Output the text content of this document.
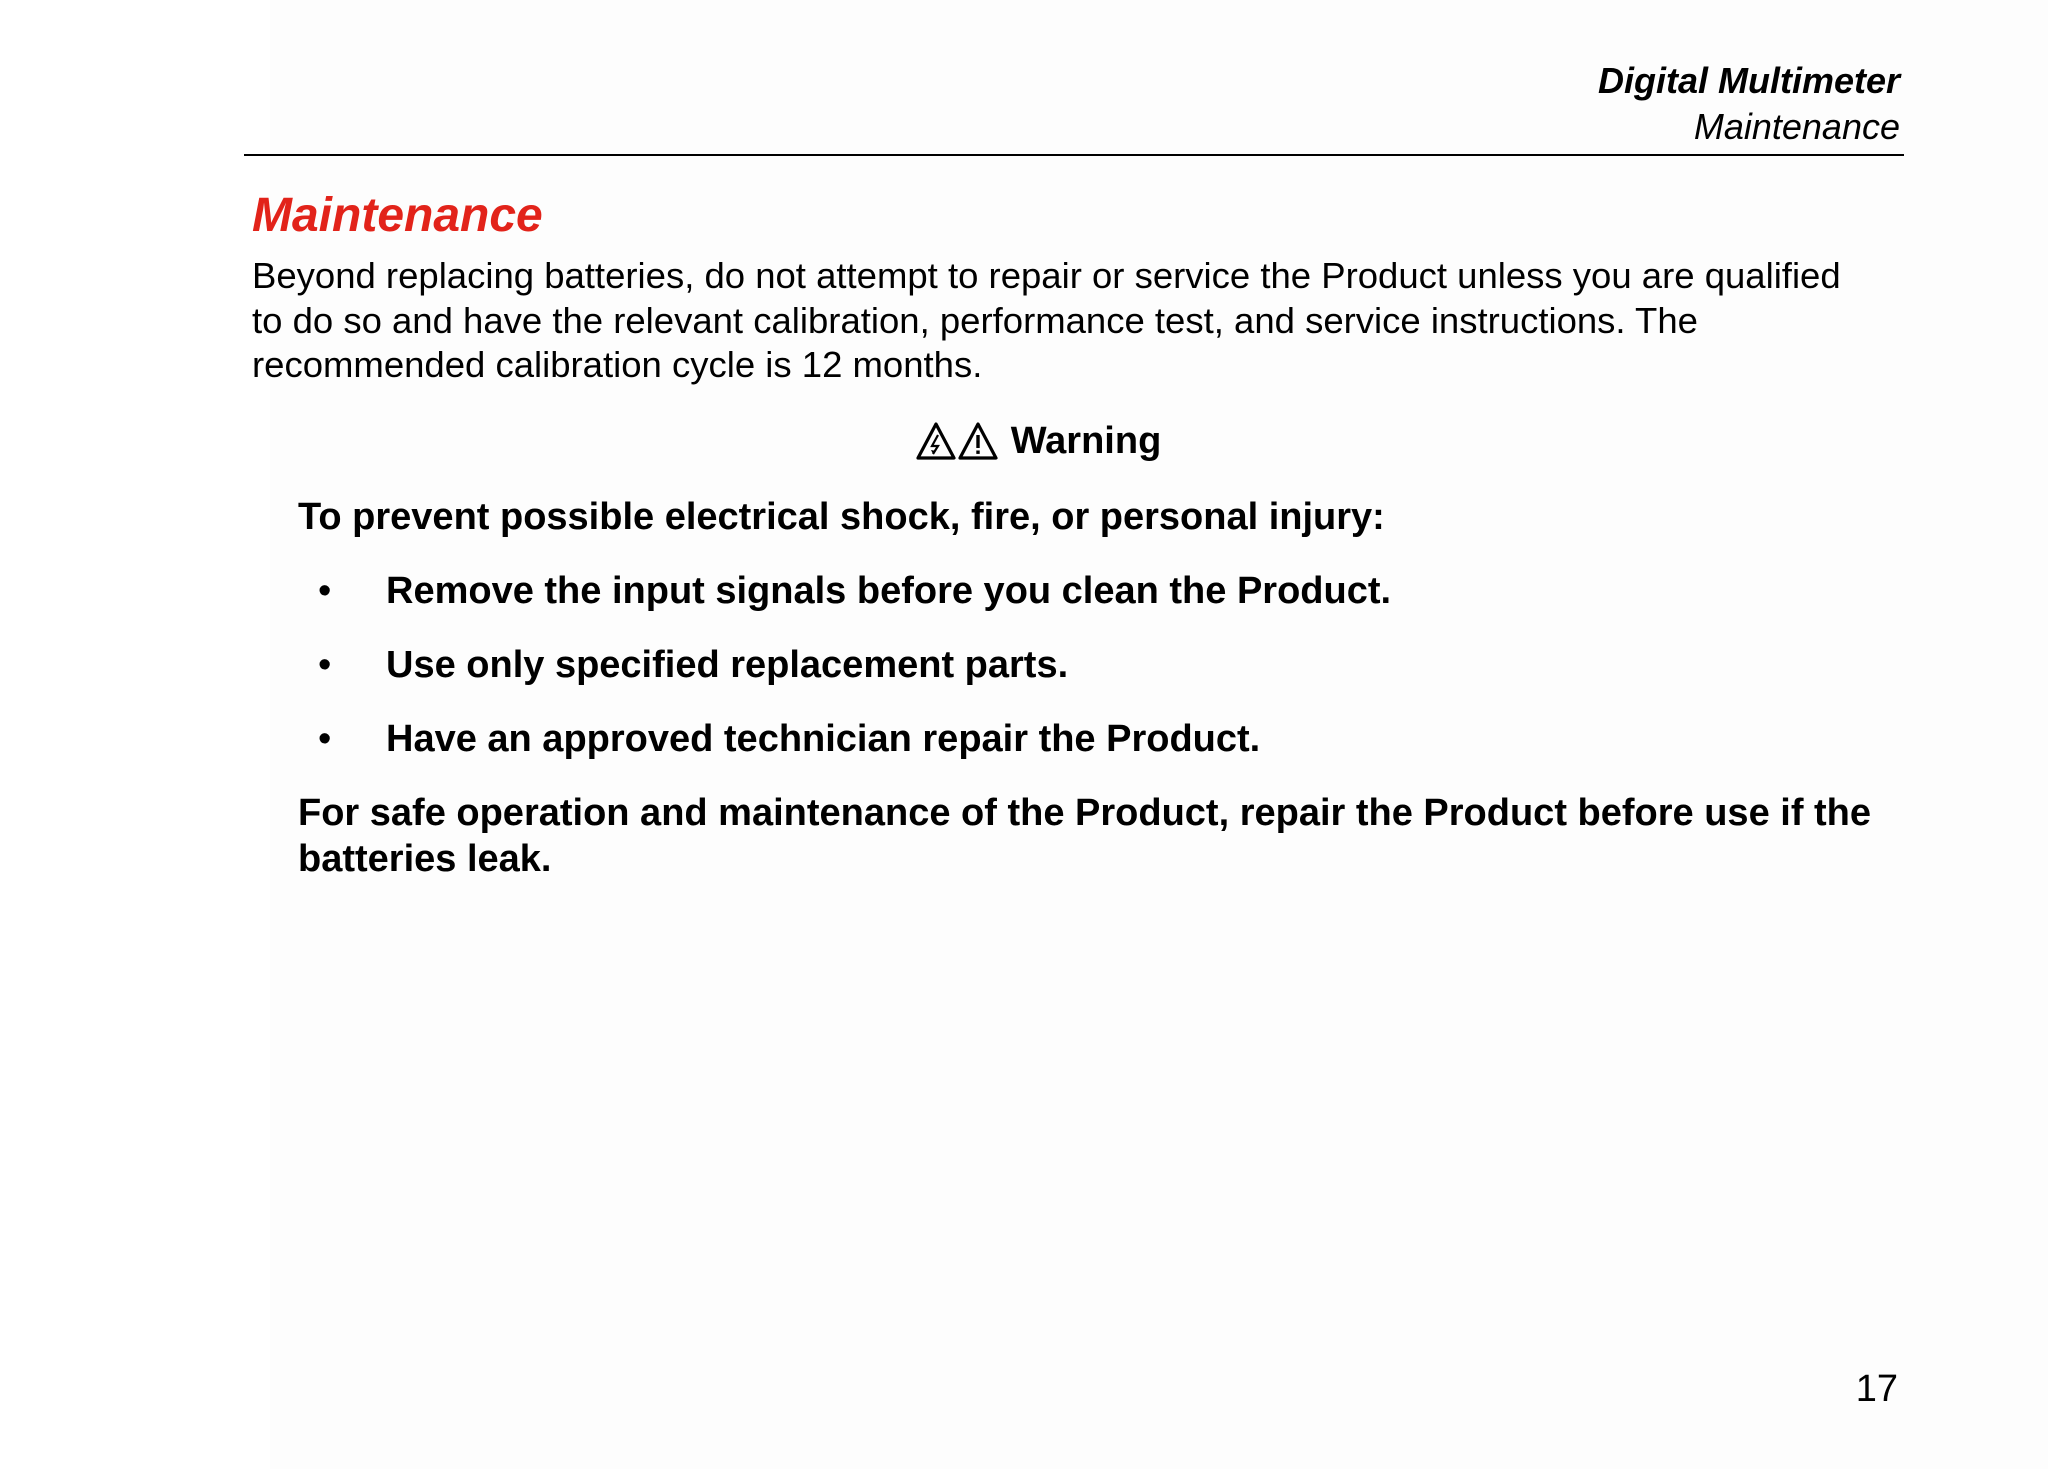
Digital Multimeter
Maintenance
Maintenance

Beyond replacing batteries, do not attempt to repair or service the Product unless you are qualified to do so and have the relevant calibration, performance test, and service instructions. The recommended calibration cycle is 12 months.

Warning

To prevent possible electrical shock, fire, or personal injury:

• Remove the input signals before you clean the Product.
• Use only specified replacement parts.
• Have an approved technician repair the Product.

For safe operation and maintenance of the Product, repair the Product before use if the batteries leak.

17
